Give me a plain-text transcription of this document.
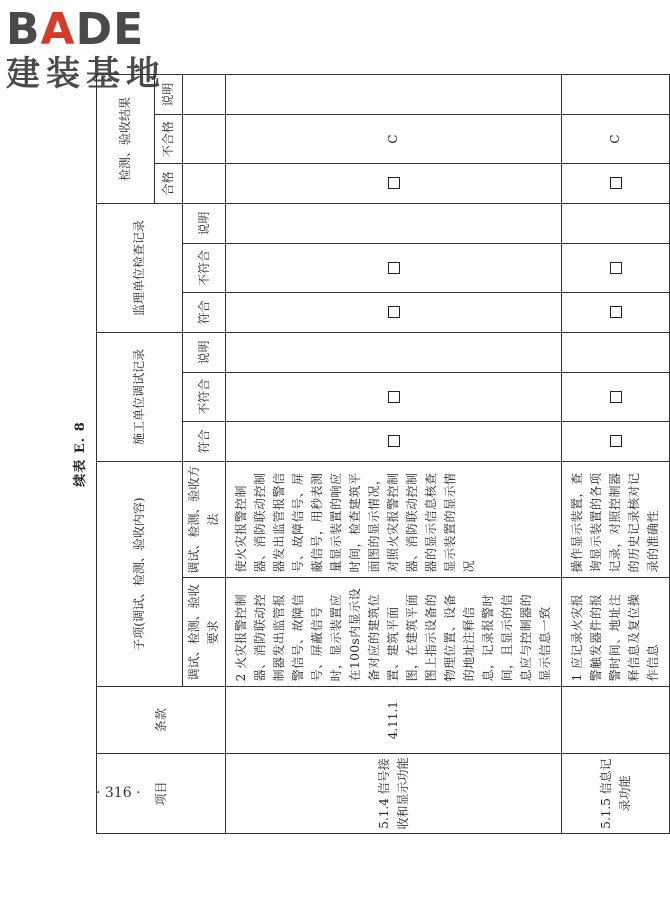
BADE
建装基地
· 316 ·
续表 E. 8
项目	条款	子项(调试、检测、验收内容)		施工单位调试记录			监理单位检查记录			检测、验收结果		
										合格	不合格	说明
		调试、检测、验收要求	调试、检测、验收方法	符合	不符合	说明	符合	不符合	说明			
5.1.4 信号接收和显示功能	4.11.1	2 火灾报警控制器、消防联动控制器发出监管报警信号、故障信号、屏蔽信号时，显示装置应在100s内显示设备对应的建筑位置、建筑平面图，在建筑平面图上指示设备的物理位置、设备的地址注释信息，记录报警时间，且显示的信息应与控制器的显示信息一致	使火灾报警控制器、消防联动控制器发出监管报警信号、故障信号、屏蔽信号，用秒表测量显示装置的响应时间，检查建筑平面图的显示情况，对照火灾报警控制器、消防联动控制器的显示信息核查显示装置的显示情况								C	
5.1.5 信息记录功能		1 应记录火灾报警触发器件的报警时间、地址注释信息及复位操作信息	操作显示装置，查询显示装置的各项记录，对照控制器的历史记录核对记录的准确性								C	
